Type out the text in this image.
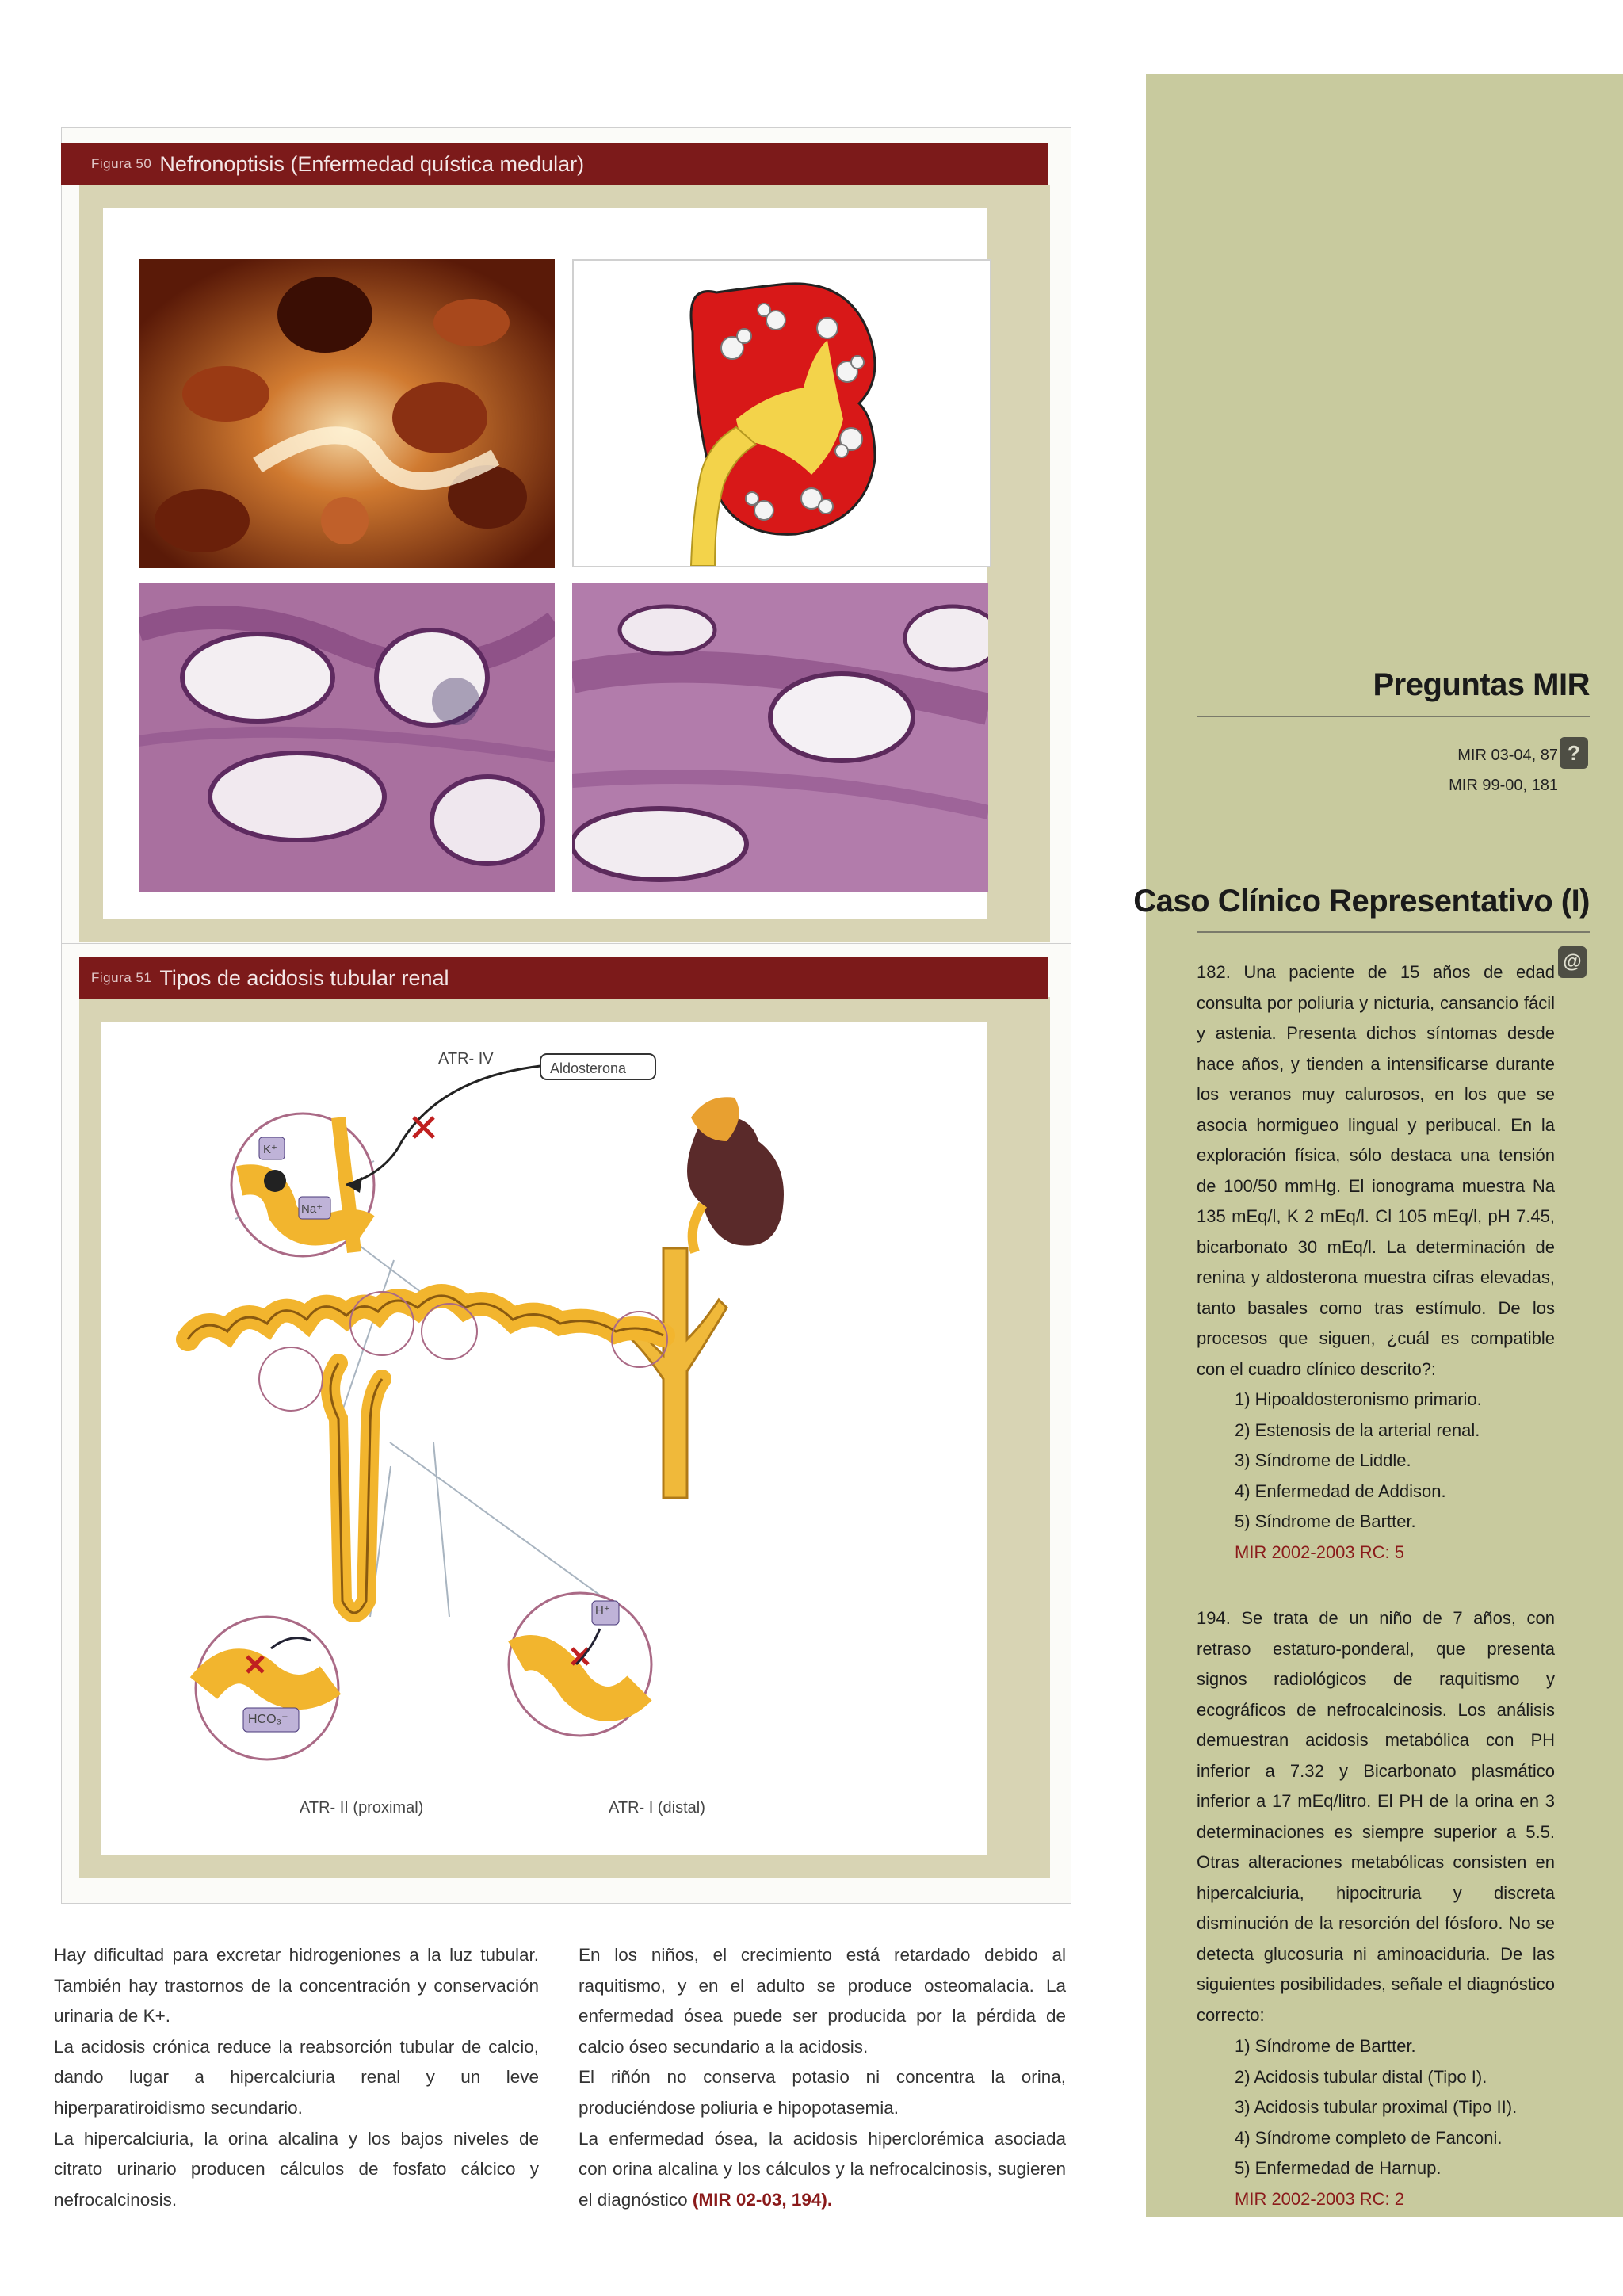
Figura 50 Nefronoptisis (Enfermedad quística medular)
Figura 51 Tipos de acidosis tubular renal
ATR- IV
Aldosterona
K⁺
Na⁺
HCO₃⁻
H⁺
ATR- II (proximal)	ATR- I (distal)

Hay dificultad para excretar hidrogeniones a la luz tubular. También hay trastornos de la concentración y conservación urinaria de K+.

La acidosis crónica reduce la reabsorción tubular de calcio, dando lugar a hipercalciuria renal y un leve hiperparatiroidismo secundario.

La hipercalciuria, la orina alcalina y los bajos niveles de citrato urinario producen cálculos de fosfato cálcico y nefrocalcinosis.

En los niños, el crecimiento está retardado debido al raquitismo, y en el adulto se produce osteomalacia. La enfermedad ósea puede ser producida por la pérdida de calcio óseo secundario a la acidosis.

El riñón no conserva potasio ni concentra la orina, produciéndose poliuria e hipopotasemia.

La enfermedad ósea, la acidosis hiperclorémica asociada con orina alcalina y los cálculos y la nefrocalcinosis, sugieren el diagnóstico (MIR 02-03, 194).

Preguntas MIR
MIR 03-04, 87
MIR 99-00, 181
?
Caso Clínico Representativo (I)
@
182. Una paciente de 15 años de edad consulta por poliuria y nicturia, cansancio fácil y astenia. Presenta dichos síntomas desde hace años, y tienden a intensificarse durante los veranos muy calurosos, en los que se asocia hormigueo lingual y peribucal. En la exploración física, sólo destaca una tensión de 100/50 mmHg. El ionograma muestra Na 135 mEq/l, K 2 mEq/l. Cl 105 mEq/l, pH 7.45, bicarbonato 30 mEq/l. La determinación de renina y aldosterona muestra cifras elevadas, tanto basales como tras estímulo. De los procesos que siguen, ¿cuál es compatible con el cuadro clínico descrito?:
1) Hipoaldosteronismo primario.
2) Estenosis de la arterial renal.
3) Síndrome de Liddle.
4) Enfermedad de Addison.
5) Síndrome de Bartter.
MIR 2002-2003 RC: 5
194. Se trata de un niño de 7 años, con retraso estaturo-ponderal, que presenta signos radiológicos de raquitismo y ecográficos de nefrocalcinosis. Los análisis demuestran acidosis metabólica con PH inferior a 7.32 y Bicarbonato plasmático inferior a 17 mEq/litro. El PH de la orina en 3 determinaciones es siempre superior a 5.5. Otras alteraciones metabólicas consisten en hipercalciuria, hipocitruria y discreta disminución de la resorción del fósforo. No se detecta glucosuria ni aminoaciduria. De las siguientes posibilidades, señale el diagnóstico correcto:
1) Síndrome de Bartter.
2) Acidosis tubular distal (Tipo I).
3) Acidosis tubular proximal (Tipo II).
4) Síndrome completo de Fanconi.
5) Enfermedad de Harnup.
MIR 2002-2003 RC: 2
